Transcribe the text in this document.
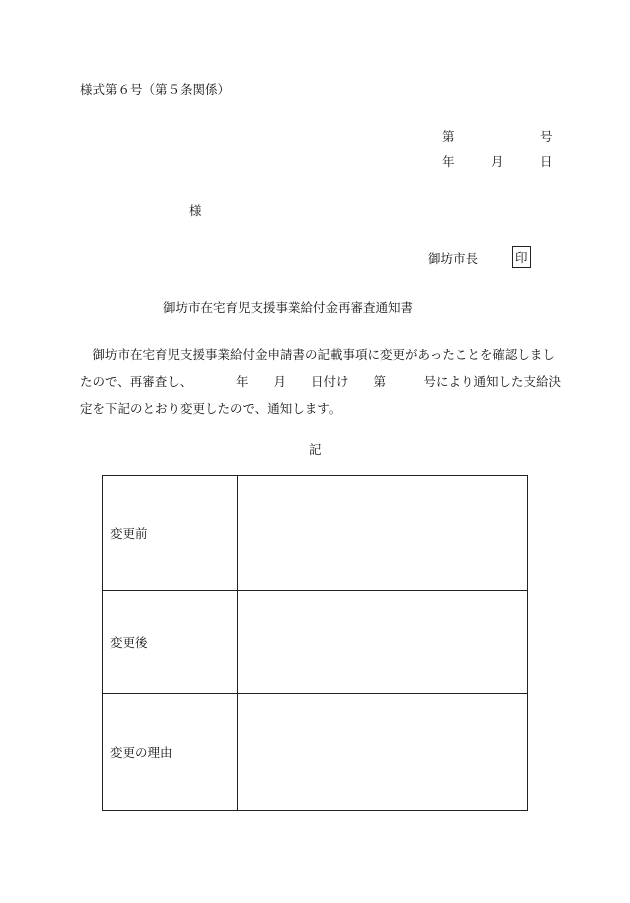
様式第６号（第５条関係）
第	号
年	月	日
様
御坊市長	印
御坊市在宅育児支援事業給付金再審査通知書
　御坊市在宅育児支援事業給付金申請書の記載事項に変更があったことを確認しまし
たので、再審査し、　　　　年　　月　　日付け　　第　　　号により通知した支給決
定を下記のとおり変更したので、通知します。
記
変更前	
変更後	
変更の理由	
